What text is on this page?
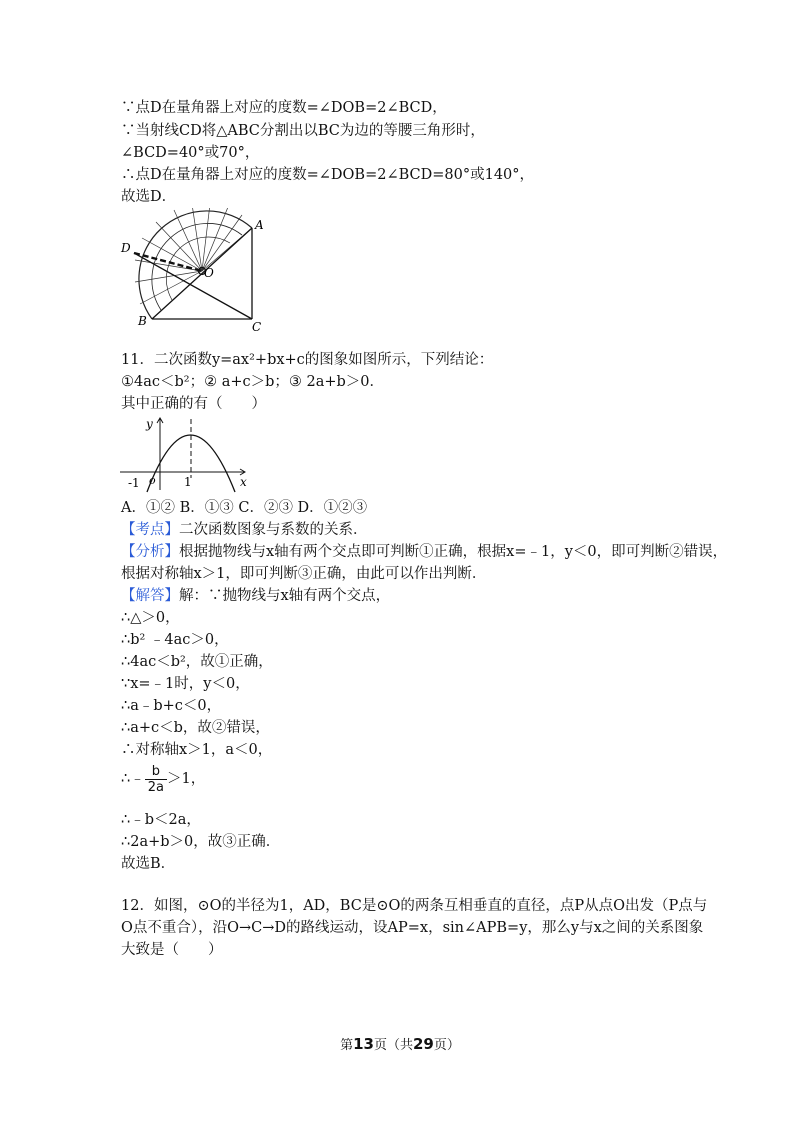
∵点D在量角器上对应的度数=∠DOB=2∠BCD，
∵当射线CD将△ABC分割出以BC为边的等腰三角形时，
∠BCD=40°或70°，
∴点D在量角器上对应的度数=∠DOB=2∠BCD=80°或140°，
故选D．
A
D
O
B	C
11．二次函数y=ax²+bx+c的图象如图所示，下列结论：
①4ac＜b²；② a+c＞b；③ 2a+b＞0．
其中正确的有（　　）
y
x
-1 o 1
A．①② B．①③ C．②③ D．①②③
【考点】二次函数图象与系数的关系．
【分析】根据抛物线与x轴有两个交点即可判断①正确，根据x=﹣1，y＜0，即可判断②错误，
根据对称轴x＞1，即可判断③正确，由此可以作出判断．
【解答】解：∵抛物线与x轴有两个交点，
∴△＞0，
∴b² ﹣4ac＞0，
∴4ac＜b²，故①正确，
∵x=﹣1时，y＜0，
∴a﹣b+c＜0，
∴a+c＜b，故②错误，
∴对称轴x＞1，a＜0，
∴﹣ $\frac{b}{2a} >1$，
∴﹣b＜2a，
∴2a+b＞0，故③正确．
故选B．
12．如图，⊙O的半径为1，AD，BC是⊙O的两条互相垂直的直径，点P从点O出发（P点与
O点不重合），沿O→C→D的路线运动，设AP=x，sin∠APB=y，那么y与x之间的关系图象
大致是（　　）
第13页（共29页）
